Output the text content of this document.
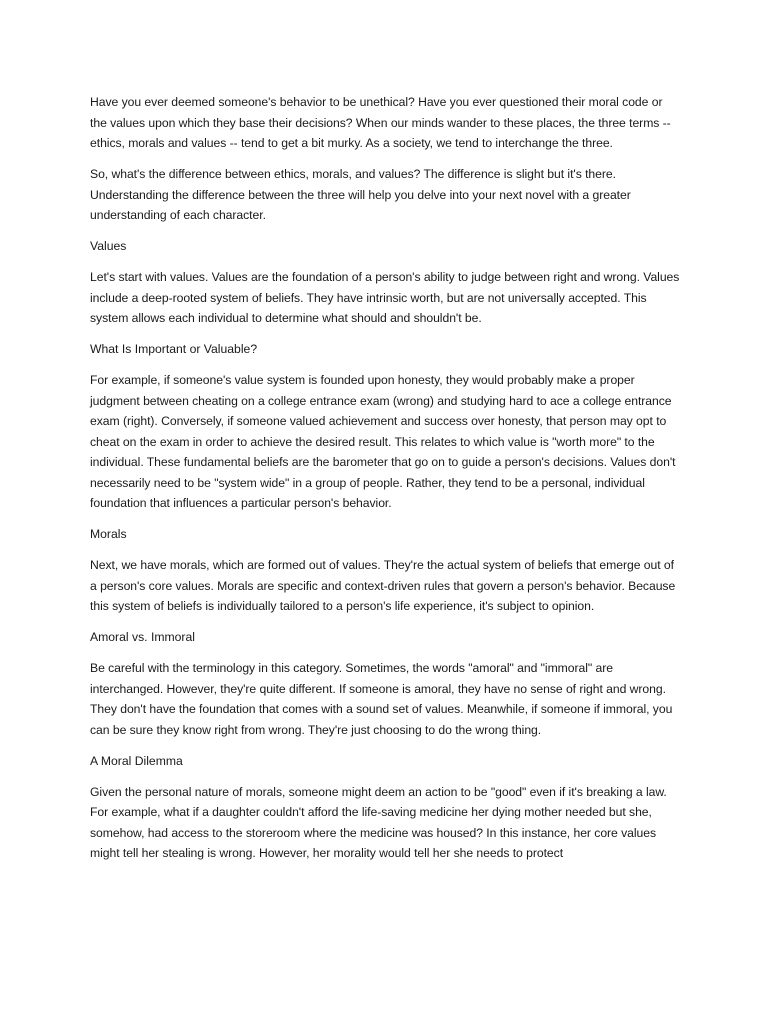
Have you ever deemed someone's behavior to be unethical? Have you ever questioned their moral code or the values upon which they base their decisions? When our minds wander to these places, the three terms -- ethics, morals and values -- tend to get a bit murky. As a society, we tend to interchange the three.

So, what's the difference between ethics, morals, and values? The difference is slight but it's there. Understanding the difference between the three will help you delve into your next novel with a greater understanding of each character.

Values

Let's start with values. Values are the foundation of a person's ability to judge between right and wrong. Values include a deep-rooted system of beliefs. They have intrinsic worth, but are not universally accepted. This system allows each individual to determine what should and shouldn't be.

What Is Important or Valuable?

For example, if someone's value system is founded upon honesty, they would probably make a proper judgment between cheating on a college entrance exam (wrong) and studying hard to ace a college entrance exam (right). Conversely, if someone valued achievement and success over honesty, that person may opt to cheat on the exam in order to achieve the desired result. This relates to which value is "worth more" to the individual. These fundamental beliefs are the barometer that go on to guide a person's decisions. Values don't necessarily need to be "system wide" in a group of people. Rather, they tend to be a personal, individual foundation that influences a particular person's behavior.

Morals

Next, we have morals, which are formed out of values. They're the actual system of beliefs that emerge out of a person's core values. Morals are specific and context-driven rules that govern a person's behavior. Because this system of beliefs is individually tailored to a person's life experience, it's subject to opinion.

Amoral vs. Immoral

Be careful with the terminology in this category. Sometimes, the words "amoral" and "immoral" are interchanged. However, they're quite different. If someone is amoral, they have no sense of right and wrong. They don't have the foundation that comes with a sound set of values. Meanwhile, if someone if immoral, you can be sure they know right from wrong. They're just choosing to do the wrong thing.

A Moral Dilemma

Given the personal nature of morals, someone might deem an action to be "good" even if it's breaking a law. For example, what if a daughter couldn't afford the life-saving medicine her dying mother needed but she, somehow, had access to the storeroom where the medicine was housed? In this instance, her core values might tell her stealing is wrong. However, her morality would tell her she needs to protect
